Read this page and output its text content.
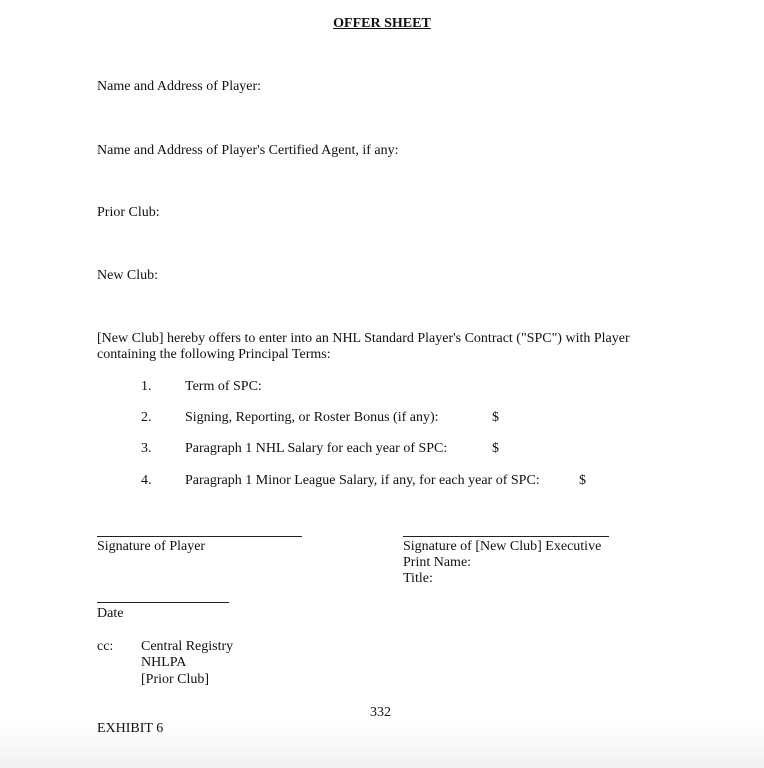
OFFER SHEET
Name and Address of Player:
Name and Address of Player's Certified Agent, if any:
Prior Club:
New Club:
[New Club] hereby offers to enter into an NHL Standard Player's Contract ("SPC") with Player
containing the following Principal Terms:
1. Term of SPC:
2. Signing, Reporting, or Roster Bonus (if any):	$
3. Paragraph 1 NHL Salary for each year of SPC:	$
4. Paragraph 1 Minor League Salary, if any, for each year of SPC:	$
Signature of Player	Signature of [New Club] Executive
Print Name:
Title:
Date
cc: Central Registry
NHLPA
[Prior Club]
332
EXHIBIT 6
